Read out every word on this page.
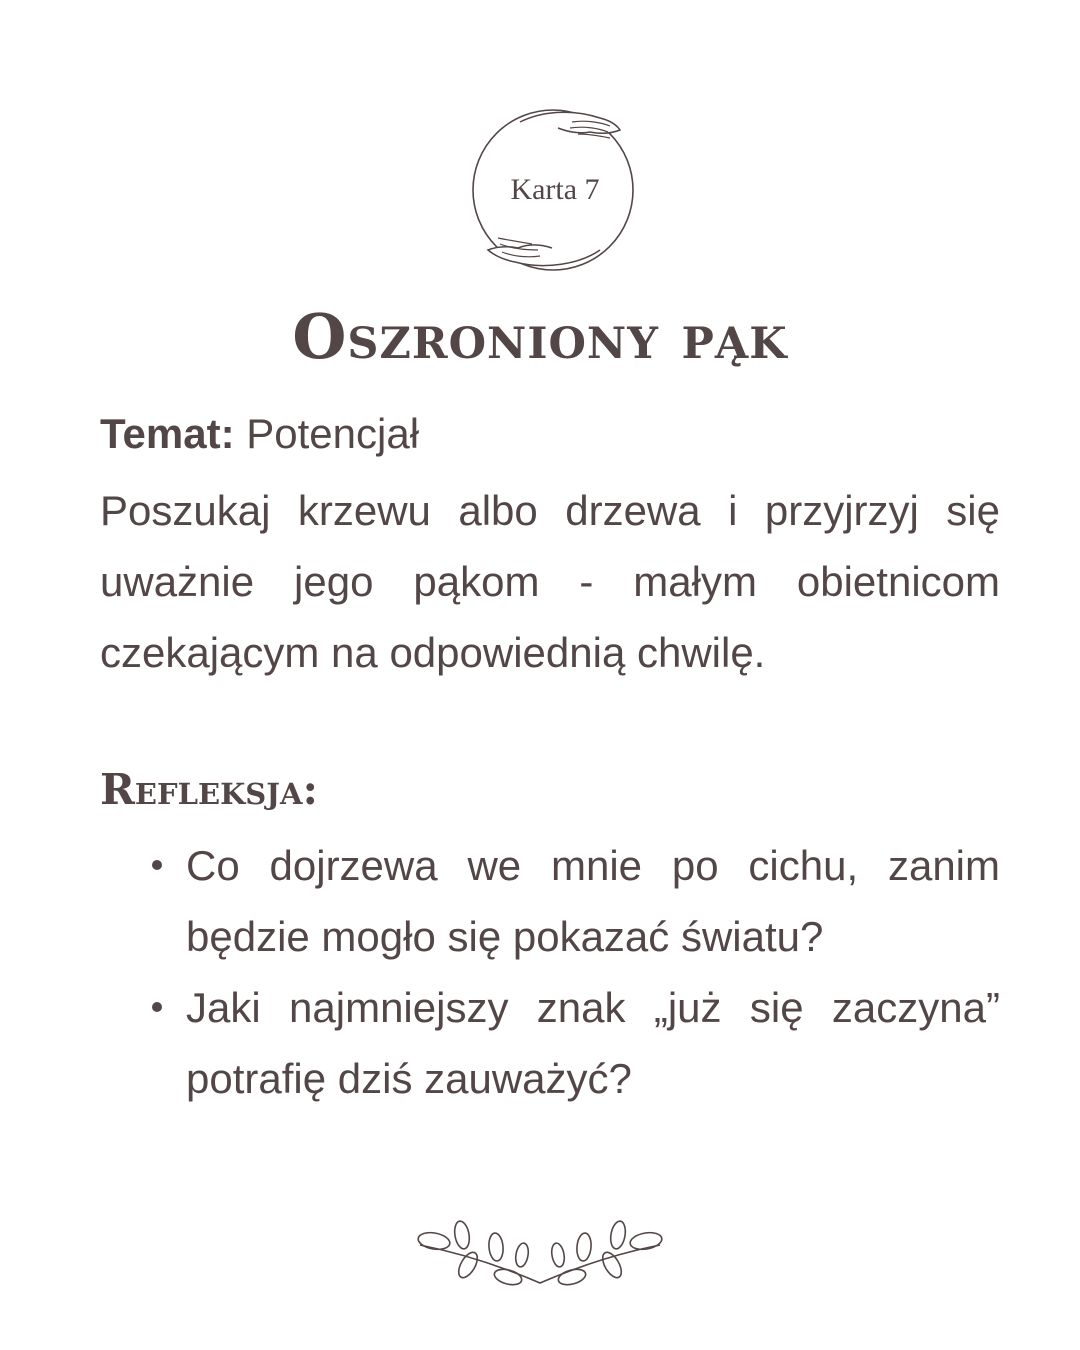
Karta 7
Oszroniony pąk
Temat: Potencjał
Poszukaj krzewu albo drzewa i przyjrzyj się uważnie jego pąkom - małym obietnicom czekającym na odpowiednią chwilę.
Refleksja:
Co dojrzewa we mnie po cichu, zanim będzie mogło się pokazać światu?
Jaki najmniejszy znak „już się zaczyna” potrafię dziś zauważyć?
